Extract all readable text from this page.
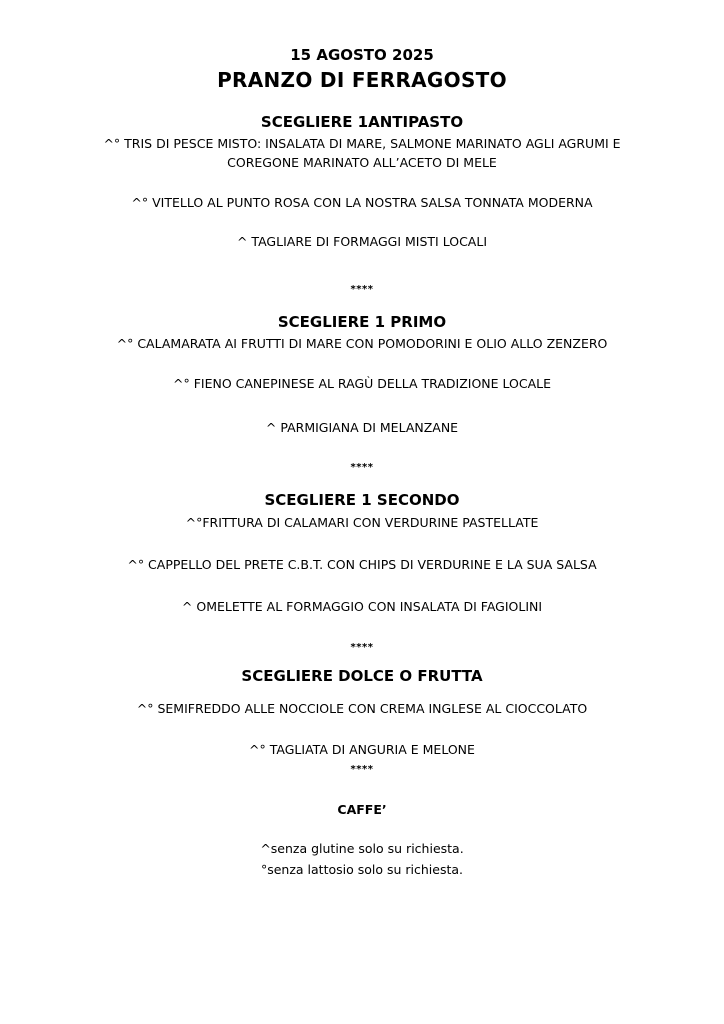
15 AGOSTO 2025
PRANZO DI FERRAGOSTO
SCEGLIERE 1ANTIPASTO
^° TRIS DI PESCE MISTO: INSALATA DI MARE, SALMONE MARINATO AGLI AGRUMI E
COREGONE MARINATO ALL’ACETO DI MELE
^° VITELLO AL PUNTO ROSA CON LA NOSTRA SALSA TONNATA MODERNA
^ TAGLIARE DI FORMAGGI MISTI LOCALI
****
SCEGLIERE 1 PRIMO
^° CALAMARATA AI FRUTTI DI MARE CON POMODORINI E OLIO ALLO ZENZERO
^° FIENO CANEPINESE AL RAGÙ DELLA TRADIZIONE LOCALE
^ PARMIGIANA DI MELANZANE
****
SCEGLIERE 1 SECONDO
^°FRITTURA DI CALAMARI CON VERDURINE PASTELLATE
^° CAPPELLO DEL PRETE C.B.T. CON CHIPS DI VERDURINE E LA SUA SALSA
^ OMELETTE AL FORMAGGIO CON INSALATA DI FAGIOLINI
****
SCEGLIERE DOLCE O FRUTTA
^° SEMIFREDDO ALLE NOCCIOLE CON CREMA INGLESE AL CIOCCOLATO
^° TAGLIATA DI ANGURIA E MELONE
****
CAFFE’
^senza glutine solo su richiesta.
°senza lattosio solo su richiesta.
